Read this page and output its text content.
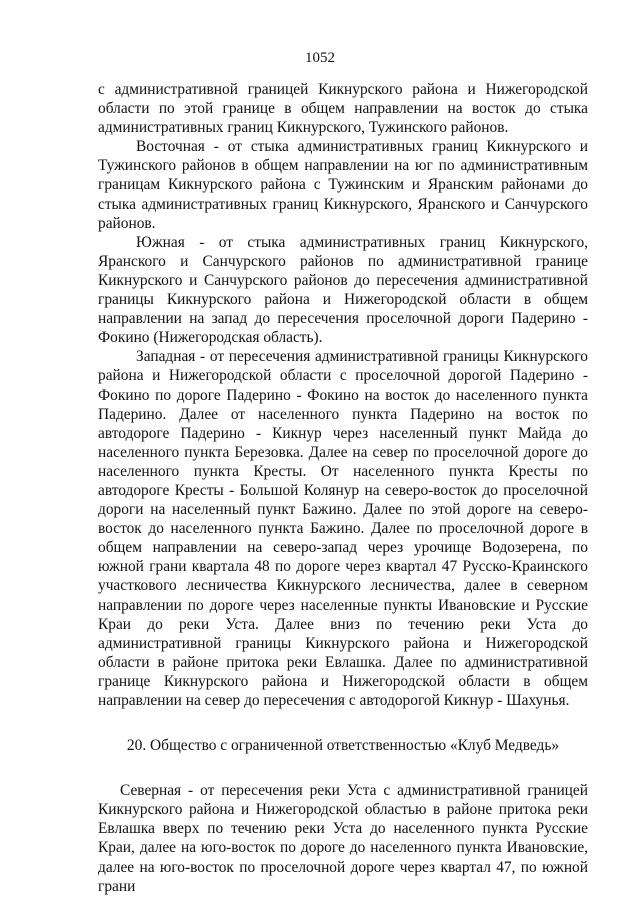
1052

с административной границей Кикнурского района и Нижегородской области по этой границе в общем направлении на восток до стыка административных границ Кикнурского, Тужинского районов.

Восточная - от стыка административных границ Кикнурского и Тужинского районов в общем направлении на юг по административным границам Кикнурского района с Тужинским и Яранским районами до стыка административных границ Кикнурского, Яранского и Санчурского районов.

Южная - от стыка административных границ Кикнурского, Яранского и Санчурского районов по административной границе Кикнурского и Санчурского районов до пересечения административной границы Кикнурского района и Нижегородской области в общем направлении на запад до пересечения проселочной дороги Падерино - Фокино (Нижегородская область).

Западная - от пересечения административной границы Кикнурского района и Нижегородской области с проселочной дорогой Падерино - Фокино по дороге Падерино - Фокино на восток до населенного пункта Падерино. Далее от населенного пункта Падерино на восток по автодороге Падерино - Кикнур через населенный пункт Майда до населенного пункта Березовка. Далее на север по проселочной дороге до населенного пункта Кресты. От населенного пункта Кресты по автодороге Кресты - Большой Колянур на северо-восток до проселочной дороги на населенный пункт Бажино. Далее по этой дороге на северо-восток до населенного пункта Бажино. Далее по проселочной дороге в общем направлении на северо-запад через урочище Водозерена, по южной грани квартала 48 по дороге через квартал 47 Русско-Краинского участкового лесничества Кикнурского лесничества, далее в северном направлении по дороге через населенные пункты Ивановские и Русские Краи до реки Уста. Далее вниз по течению реки Уста до административной границы Кикнурского района и Нижегородской области в районе притока реки Евлашка. Далее по административной границе Кикнурского района и Нижегородской области в общем направлении на север до пересечения с автодорогой Кикнур - Шахунья.

20. Общество с ограниченной ответственностью «Клуб Медведь»

Северная - от пересечения реки Уста с административной границей Кикнурского района и Нижегородской областью в районе притока реки Евлашка вверх по течению реки Уста до населенного пункта Русские Краи, далее на юго-восток по дороге до населенного пункта Ивановские, далее на юго-восток по проселочной дороге через квартал 47, по южной грани
